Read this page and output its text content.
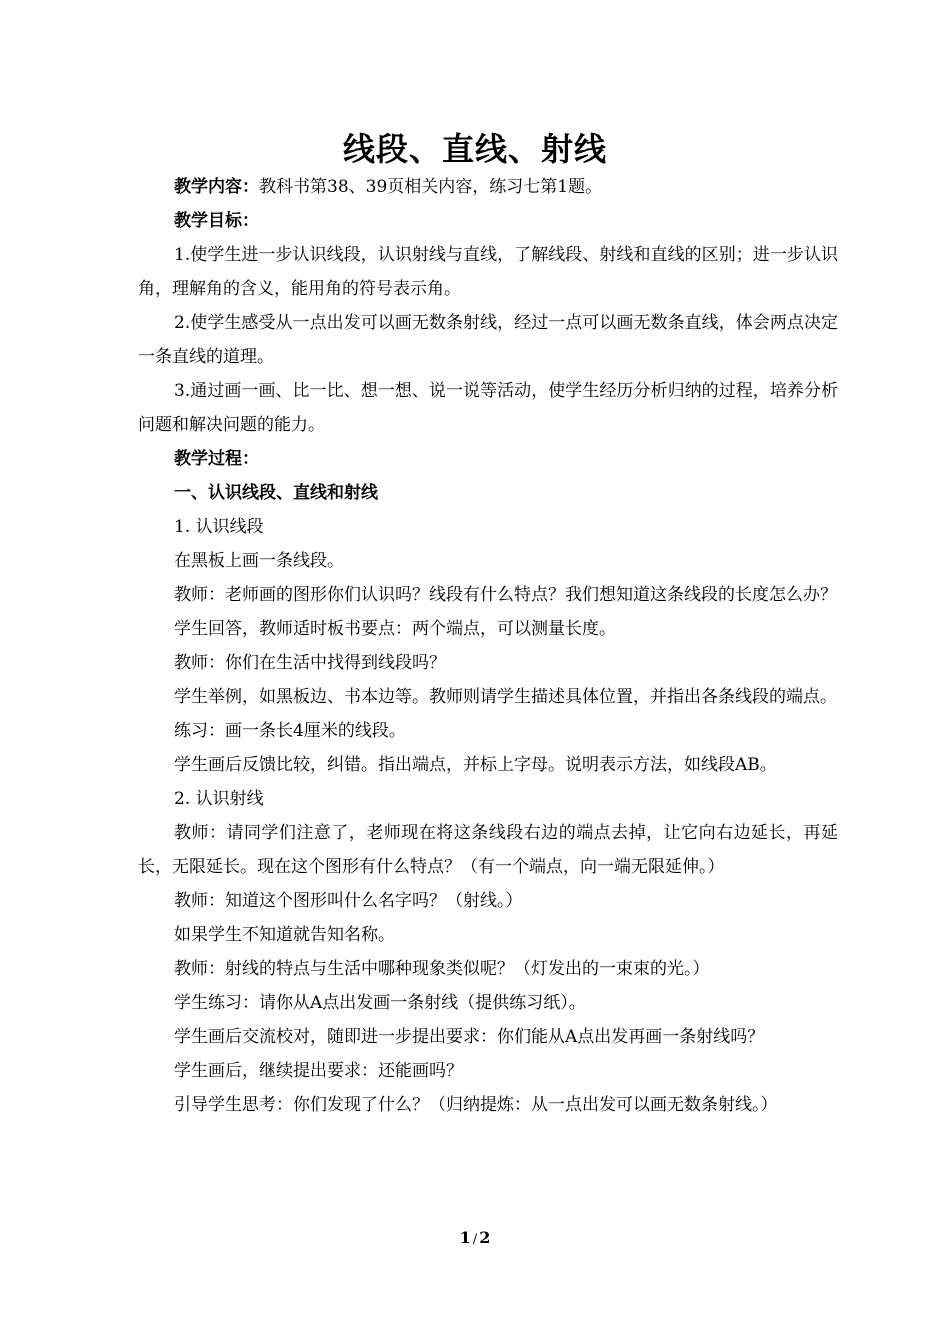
线段、直线、射线

教学内容：教科书第38、39页相关内容，练习七第1题。

教学目标：

1.使学生进一步认识线段，认识射线与直线，了解线段、射线和直线的区别；进一步认识角，理解角的含义，能用角的符号表示角。

2.使学生感受从一点出发可以画无数条射线，经过一点可以画无数条直线，体会两点决定一条直线的道理。

3.通过画一画、比一比、想一想、说一说等活动，使学生经历分析归纳的过程，培养分析问题和解决问题的能力。

教学过程：

一、认识线段、直线和射线

1. 认识线段

在黑板上画一条线段。

教师：老师画的图形你们认识吗？线段有什么特点？我们想知道这条线段的长度怎么办？

学生回答，教师适时板书要点：两个端点，可以测量长度。

教师：你们在生活中找得到线段吗？

学生举例，如黑板边、书本边等。教师则请学生描述具体位置，并指出各条线段的端点。

练习：画一条长4厘米的线段。

学生画后反馈比较，纠错。指出端点，并标上字母。说明表示方法，如线段AB。

2. 认识射线

教师：请同学们注意了，老师现在将这条线段右边的端点去掉，让它向右边延长，再延长，无限延长。现在这个图形有什么特点？（有一个端点，向一端无限延伸。）

教师：知道这个图形叫什么名字吗？（射线。）

如果学生不知道就告知名称。

教师：射线的特点与生活中哪种现象类似呢？（灯发出的一束束的光。）

学生练习：请你从A点出发画一条射线（提供练习纸）。

学生画后交流校对，随即进一步提出要求：你们能从A点出发再画一条射线吗？

学生画后，继续提出要求：还能画吗？

引导学生思考：你们发现了什么？（归纳提炼：从一点出发可以画无数条射线。）

1 / 2
